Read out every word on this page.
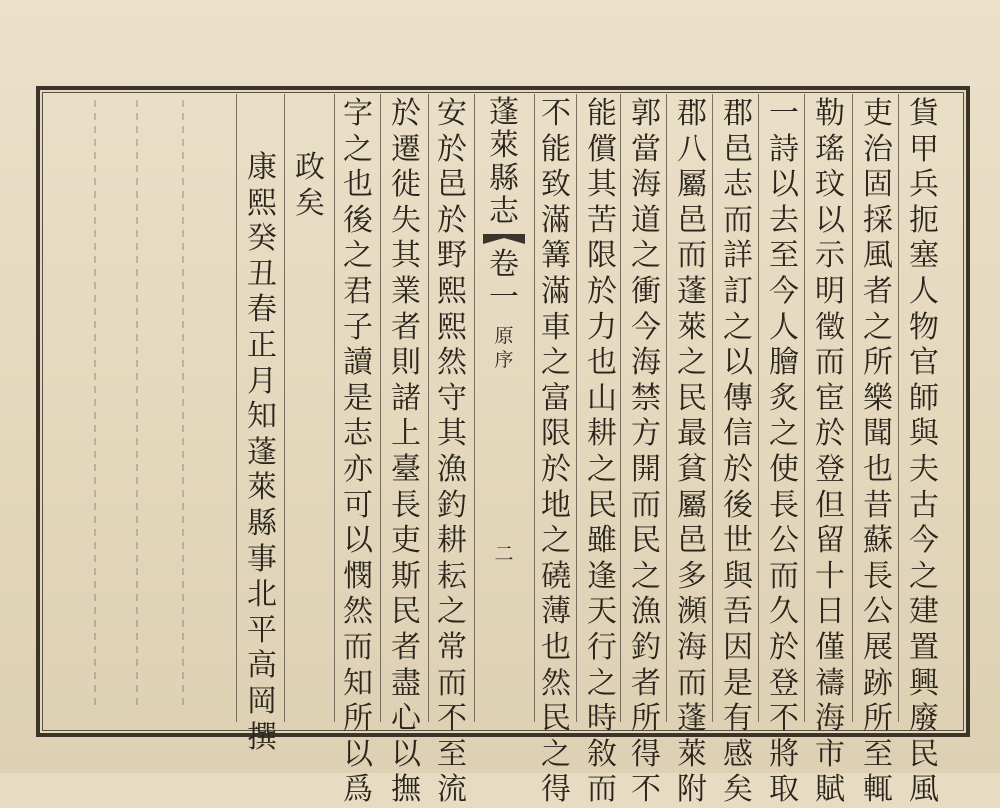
貨
甲
兵
扼
塞
人
物
官
師
與
夫
古
今
之
建
置
興
廢
民
風
吏
治
固
採
風
者
之
所
樂
聞
也
昔
蘇
長
公
展
跡
所
至
輒
勒
瑤
玟
以
示
明
徵
而
宦
於
登
但
留
十
日
僅
禱
海
市
賦
一
詩
以
去
至
今
人
膾
炙
之
使
長
公
而
久
於
登
不
將
取
郡
邑
志
而
詳
訂
之
以
傳
信
於
後
世
與
吾
因
是
有
感
矣
郡
八
屬
邑
而
蓬
萊
之
民
最
貧
屬
邑
多
瀕
海
而
蓬
萊
附
郭
當
海
道
之
衝
今
海
禁
方
開
而
民
之
漁
釣
者
所
得
不
能
償
其
苦
限
於
力
也
山
耕
之
民
雖
逢
天
行
之
時
敘
而
不
能
致
滿
篝
滿
車
之
富
限
於
地
之
磽
薄
也
然
民
之
得
蓬
萊
縣
志
卷
一
原
序
二
安
於
邑
於
野
熙
熙
然
守
其
漁
釣
耕
耘
之
常
而
不
至
流
於
遷
徙
失
其
業
者
則
諸
上
臺
長
吏
斯
民
者
盡
心
以
撫
字
之
也
後
之
君
子
讀
是
志
亦
可
以
憫
然
而
知
所
以
爲
政
矣
康
熙
癸
丑
春
正
月
知
蓬
萊
縣
事
北
平
高
岡
撰
